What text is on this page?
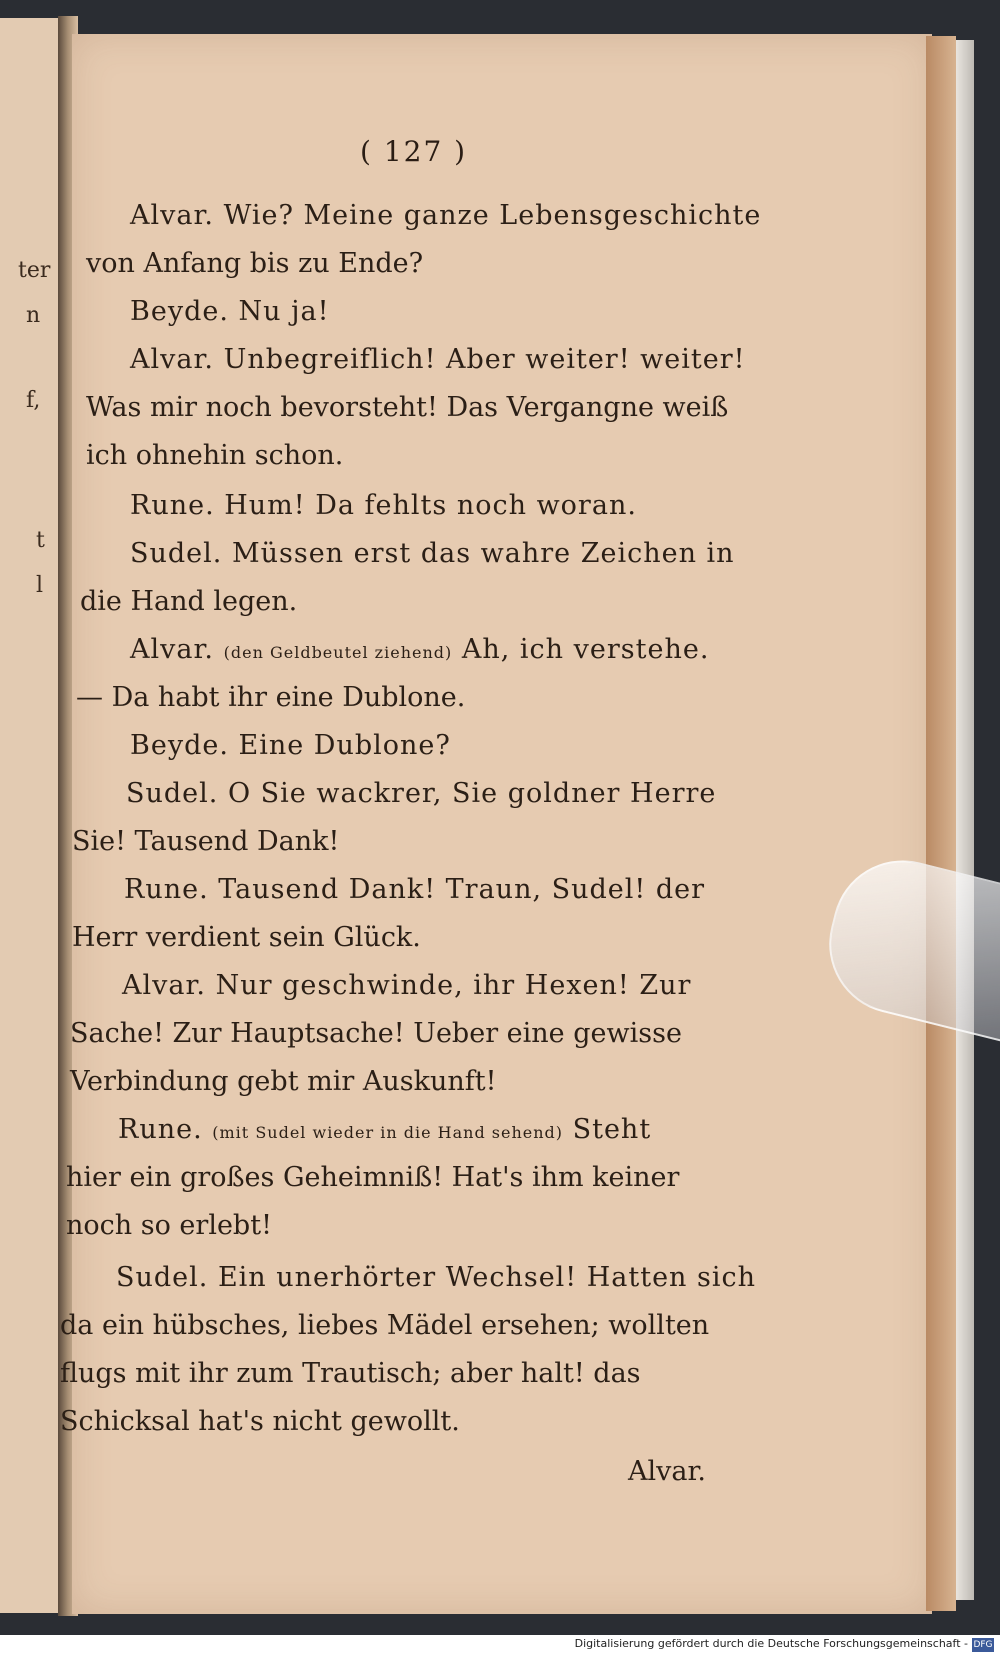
ter
n
f,
t
l
( 127 )
Alvar. Wie? Meine ganze Lebensgeschichte
von Anfang bis zu Ende?
Beyde. Nu ja!
Alvar. Unbegreiflich! Aber weiter! weiter!
Was mir noch bevorsteht! Das Vergangne weiß
ich ohnehin schon.
Rune. Hum! Da fehlts noch woran.
Sudel. Müssen erst das wahre Zeichen in
die Hand legen.
Alvar. (den Geldbeutel ziehend) Ah, ich verstehe.
— Da habt ihr eine Dublone.
Beyde. Eine Dublone?
Sudel. O Sie wackrer, Sie goldner Herre
Sie! Tausend Dank!
Rune. Tausend Dank! Traun, Sudel! der
Herr verdient sein Glück.
Alvar. Nur geschwinde, ihr Hexen! Zur
Sache! Zur Hauptsache! Ueber eine gewisse
Verbindung gebt mir Auskunft!
Rune. (mit Sudel wieder in die Hand sehend) Steht
hier ein großes Geheimniß! Hat's ihm keiner
noch so erlebt!
Sudel. Ein unerhörter Wechsel! Hatten sich
da ein hübsches, liebes Mädel ersehen; wollten
flugs mit ihr zum Trautisch; aber halt! das
Schicksal hat's nicht gewollt.
Alvar.
Digitalisierung gefördert durch die Deutsche Forschungsgemeinschaft - DFG
